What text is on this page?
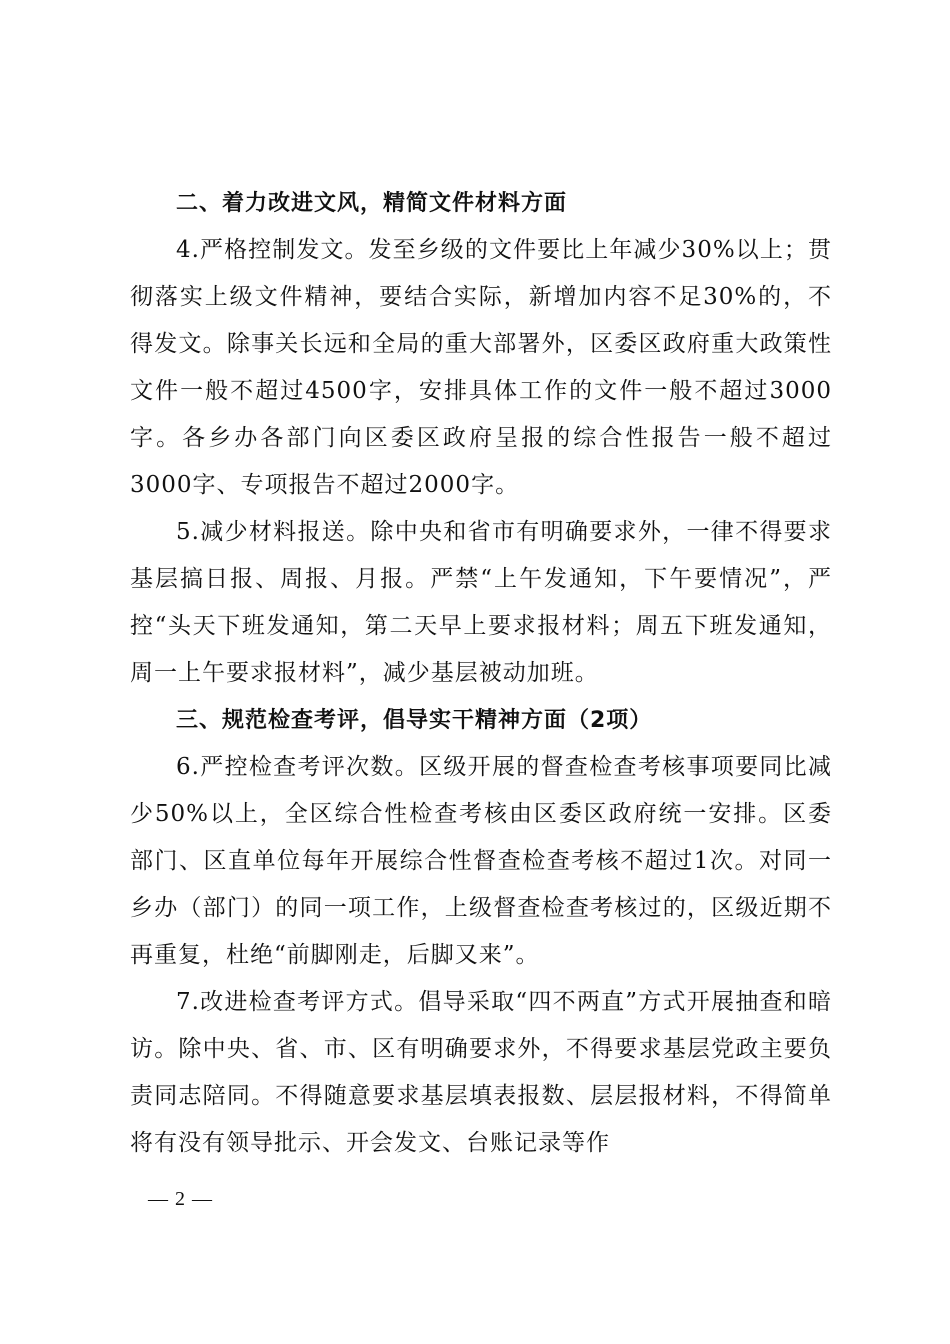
二、着力改进文风，精简文件材料方面

4.严格控制发文。发至乡级的文件要比上年减少30%以上；贯彻落实上级文件精神，要结合实际，新增加内容不足30%的，不得发文。除事关长远和全局的重大部署外，区委区政府重大政策性文件一般不超过4500字，安排具体工作的文件一般不超过3000字。各乡办各部门向区委区政府呈报的综合性报告一般不超过3000字、专项报告不超过2000字。

5.减少材料报送。除中央和省市有明确要求外，一律不得要求基层搞日报、周报、月报。严禁“上午发通知，下午要情况”，严控“头天下班发通知，第二天早上要求报材料；周五下班发通知，周一上午要求报材料”，减少基层被动加班。

三、规范检查考评，倡导实干精神方面（2项）

6.严控检查考评次数。区级开展的督查检查考核事项要同比减少50%以上，全区综合性检查考核由区委区政府统一安排。区委部门、区直单位每年开展综合性督查检查考核不超过1次。对同一乡办（部门）的同一项工作，上级督查检查考核过的，区级近期不再重复，杜绝“前脚刚走，后脚又来”。

7.改进检查考评方式。倡导采取“四不两直”方式开展抽查和暗访。除中央、省、市、区有明确要求外，不得要求基层党政主要负责同志陪同。不得随意要求基层填表报数、层层报材料，不得简单将有没有领导批示、开会发文、台账记录等作

— 2 —
